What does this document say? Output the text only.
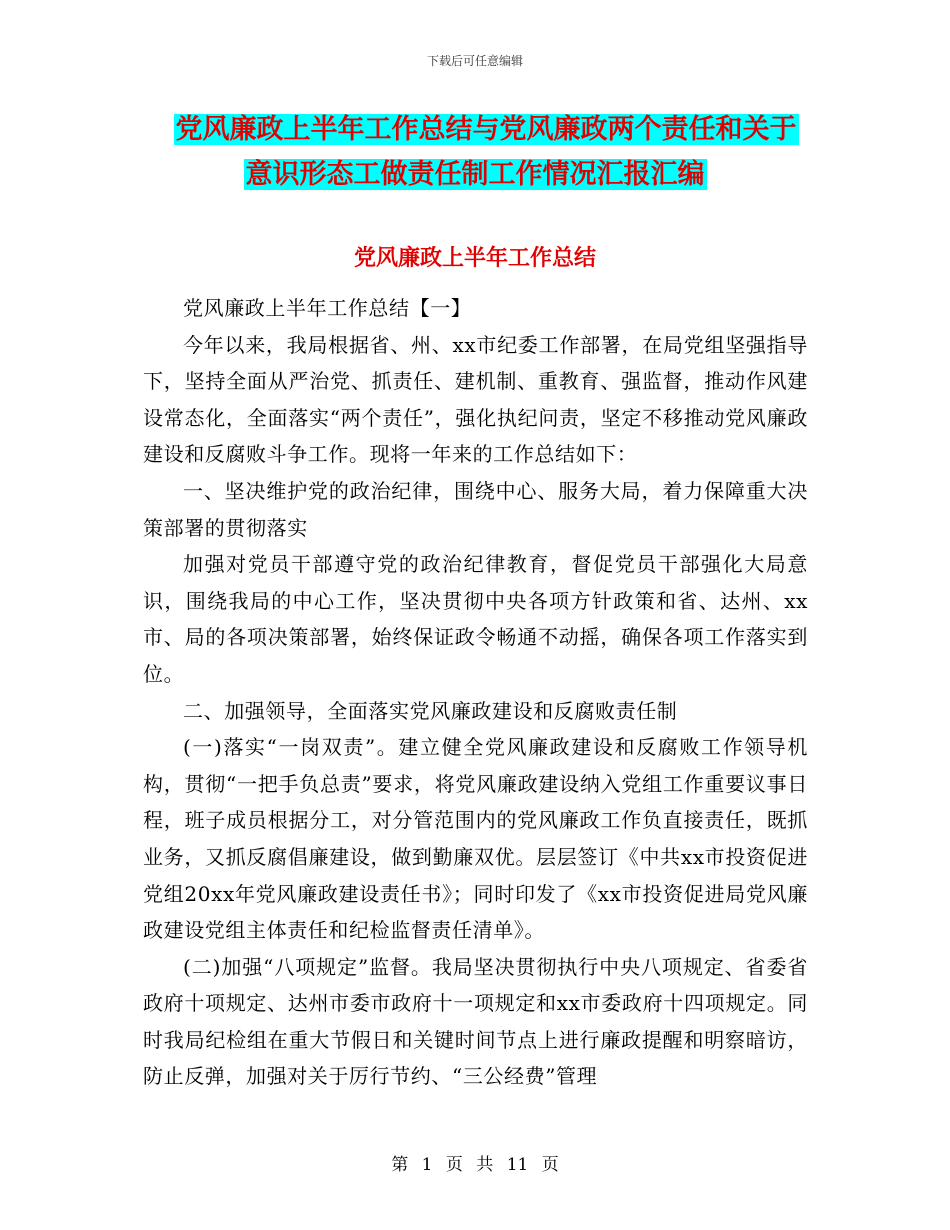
下载后可任意编辑
党风廉政上半年工作总结与党风廉政两个责任和关于
意识形态工做责任制工作情况汇报汇编
党风廉政上半年工作总结

党风廉政上半年工作总结【一】

今年以来，我局根据省、州、xx市纪委工作部署，在局党组坚强指导下，坚持全面从严治党、抓责任、建机制、重教育、强监督，推动作风建设常态化，全面落实“两个责任”，强化执纪问责，坚定不移推动党风廉政建设和反腐败斗争工作。现将一年来的工作总结如下：

一、坚决维护党的政治纪律，围绕中心、服务大局，着力保障重大决策部署的贯彻落实

加强对党员干部遵守党的政治纪律教育，督促党员干部强化大局意识，围绕我局的中心工作，坚决贯彻中央各项方针政策和省、达州、xx市、局的各项决策部署，始终保证政令畅通不动摇，确保各项工作落实到位。

二、加强领导，全面落实党风廉政建设和反腐败责任制

(一)落实“一岗双责”。建立健全党风廉政建设和反腐败工作领导机构，贯彻“一把手负总责”要求，将党风廉政建设纳入党组工作重要议事日程，班子成员根据分工，对分管范围内的党风廉政工作负直接责任，既抓业务，又抓反腐倡廉建设，做到勤廉双优。层层签订《中共xx市投资促进党组20xx年党风廉政建设责任书》；同时印发了《xx市投资促进局党风廉政建设党组主体责任和纪检监督责任清单》。

(二)加强“八项规定”监督。我局坚决贯彻执行中央八项规定、省委省政府十项规定、达州市委市政府十一项规定和xx市委政府十四项规定。同时我局纪检组在重大节假日和关键时间节点上进行廉政提醒和明察暗访，防止反弹，加强对关于厉行节约、“三公经费”管理

第 1 页 共 11 页
